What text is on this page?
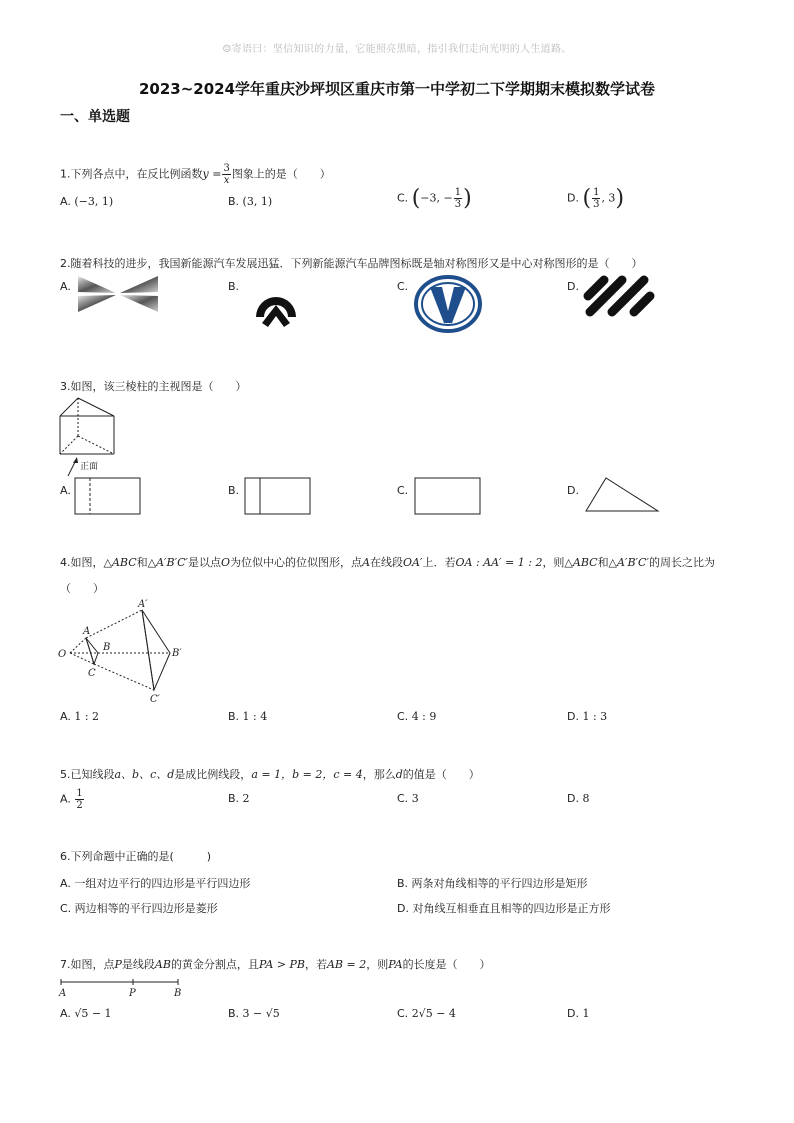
☺寄语曰：坚信知识的力量，它能照亮黑暗，指引我们走向光明的人生道路。
2023~2024学年重庆沙坪坝区重庆市第一中学初二下学期期末模拟数学试卷
一、单选题
1.下列各点中，在反比例函数$y = \frac{3}{x}$ 图象上的是（　　）
A. (−3, 1)	B. (3, 1)	C. (−3, − $\frac{1}{3}$ )	D. ( $\frac{1}{3}$ , 3)
2.随着科技的进步，我国新能源汽车发展迅猛．下列新能源汽车品牌图标既是轴对称图形又是中心对称图形的是（　　）
A.	B.	C.	D.
3.如图，该三棱柱的主视图是（　　）
正面
A.	B.	C.	D.
4.如图，△ABC和△A′B′C′是以点O为位似中心的位似图形，点A在线段OA′上．若OA : AA′ = 1 : 2，则△ABC和△A′B′C′的周长之比为
（　　）
A′
A
B
B′
O
C
C′
A. 1 : 2	B. 1 : 4	C. 4 : 9	D. 1 : 3
5.已知线段a、b、c、d是成比例线段，a = 1，b = 2，c = 4，那么d的值是（　　）
A. $\frac{1}{2}$	B. 2	C. 3	D. 8
6.下列命题中正确的是(　　　)
A. 一组对边平行的四边形是平行四边形	B. 两条对角线相等的平行四边形是矩形
C. 两边相等的平行四边形是菱形	D. 对角线互相垂直且相等的四边形是正方形
7.如图，点P是线段AB的黄金分割点，且PA > PB，若AB = 2，则PA的长度是（　　）
A	P	B
A. √5 − 1	B. 3 − √5	C. 2√5 − 4	D. 1
